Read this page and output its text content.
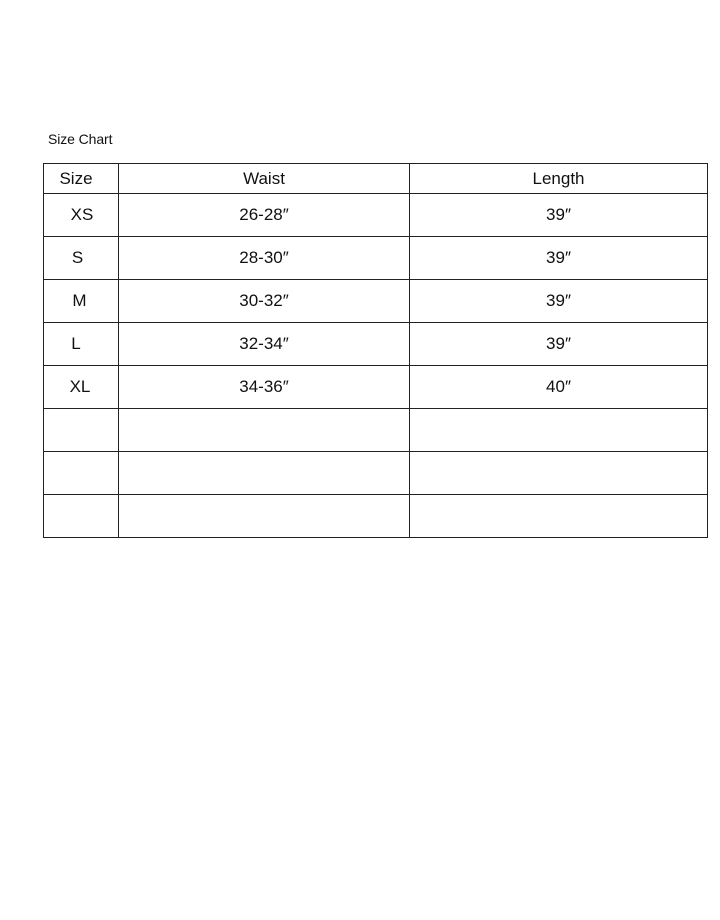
Size Chart
Size	Waist	Length
XS	26-28″	39″
S	28-30″	39″
M	30-32″	39″
L	32-34″	39″
XL	34-36″	40″
